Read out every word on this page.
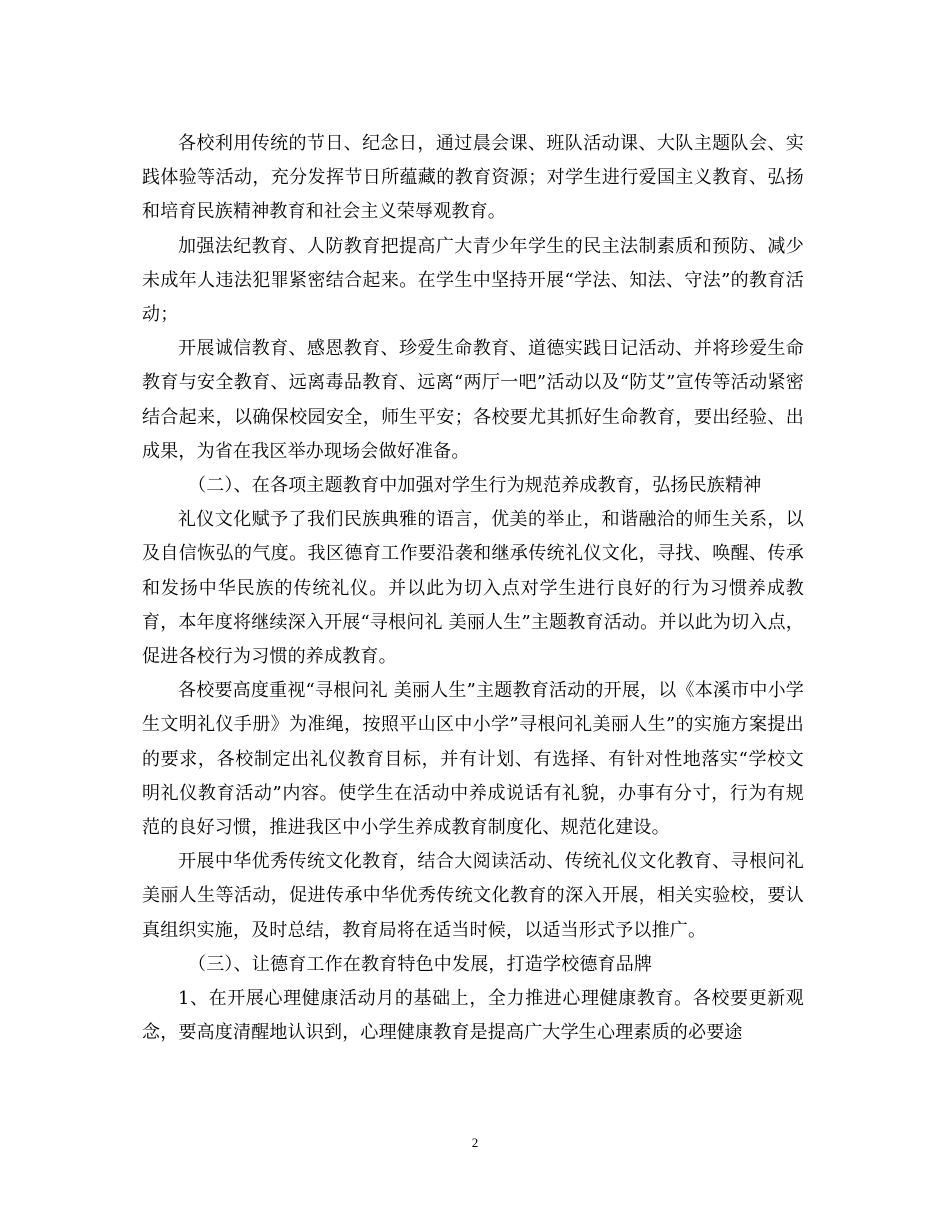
各校利用传统的节日、纪念日，通过晨会课、班队活动课、大队主题队会、实践体验等活动，充分发挥节日所蕴藏的教育资源；对学生进行爱国主义教育、弘扬和培育民族精神教育和社会主义荣辱观教育。

加强法纪教育、人防教育把提高广大青少年学生的民主法制素质和预防、减少未成年人违法犯罪紧密结合起来。在学生中坚持开展“学法、知法、守法”的教育活动；

开展诚信教育、感恩教育、珍爱生命教育、道德实践日记活动、并将珍爱生命教育与安全教育、远离毒品教育、远离“两厅一吧”活动以及“防艾”宣传等活动紧密结合起来，以确保校园安全，师生平安；各校要尤其抓好生命教育，要出经验、出成果，为省在我区举办现场会做好准备。

（二）、在各项主题教育中加强对学生行为规范养成教育，弘扬民族精神

礼仪文化赋予了我们民族典雅的语言，优美的举止，和谐融洽的师生关系，以及自信恢弘的气度。我区德育工作要沿袭和继承传统礼仪文化，寻找、唤醒、传承和发扬中华民族的传统礼仪。并以此为切入点对学生进行良好的行为习惯养成教育，本年度将继续深入开展“寻根问礼 美丽人生”主题教育活动。并以此为切入点，促进各校行为习惯的养成教育。

各校要高度重视“寻根问礼 美丽人生”主题教育活动的开展，以《本溪市中小学生文明礼仪手册》为准绳，按照平山区中小学”寻根问礼美丽人生”的实施方案提出的要求，各校制定出礼仪教育目标，并有计划、有选择、有针对性地落实“学校文明礼仪教育活动”内容。使学生在活动中养成说话有礼貌，办事有分寸，行为有规范的良好习惯，推进我区中小学生养成教育制度化、规范化建设。

开展中华优秀传统文化教育，结合大阅读活动、传统礼仪文化教育、寻根问礼 美丽人生等活动，促进传承中华优秀传统文化教育的深入开展，相关实验校，要认真组织实施，及时总结，教育局将在适当时候，以适当形式予以推广。

（三）、让德育工作在教育特色中发展，打造学校德育品牌

1、在开展心理健康活动月的基础上，全力推进心理健康教育。各校要更新观念，要高度清醒地认识到，心理健康教育是提高广大学生心理素质的必要途

2
